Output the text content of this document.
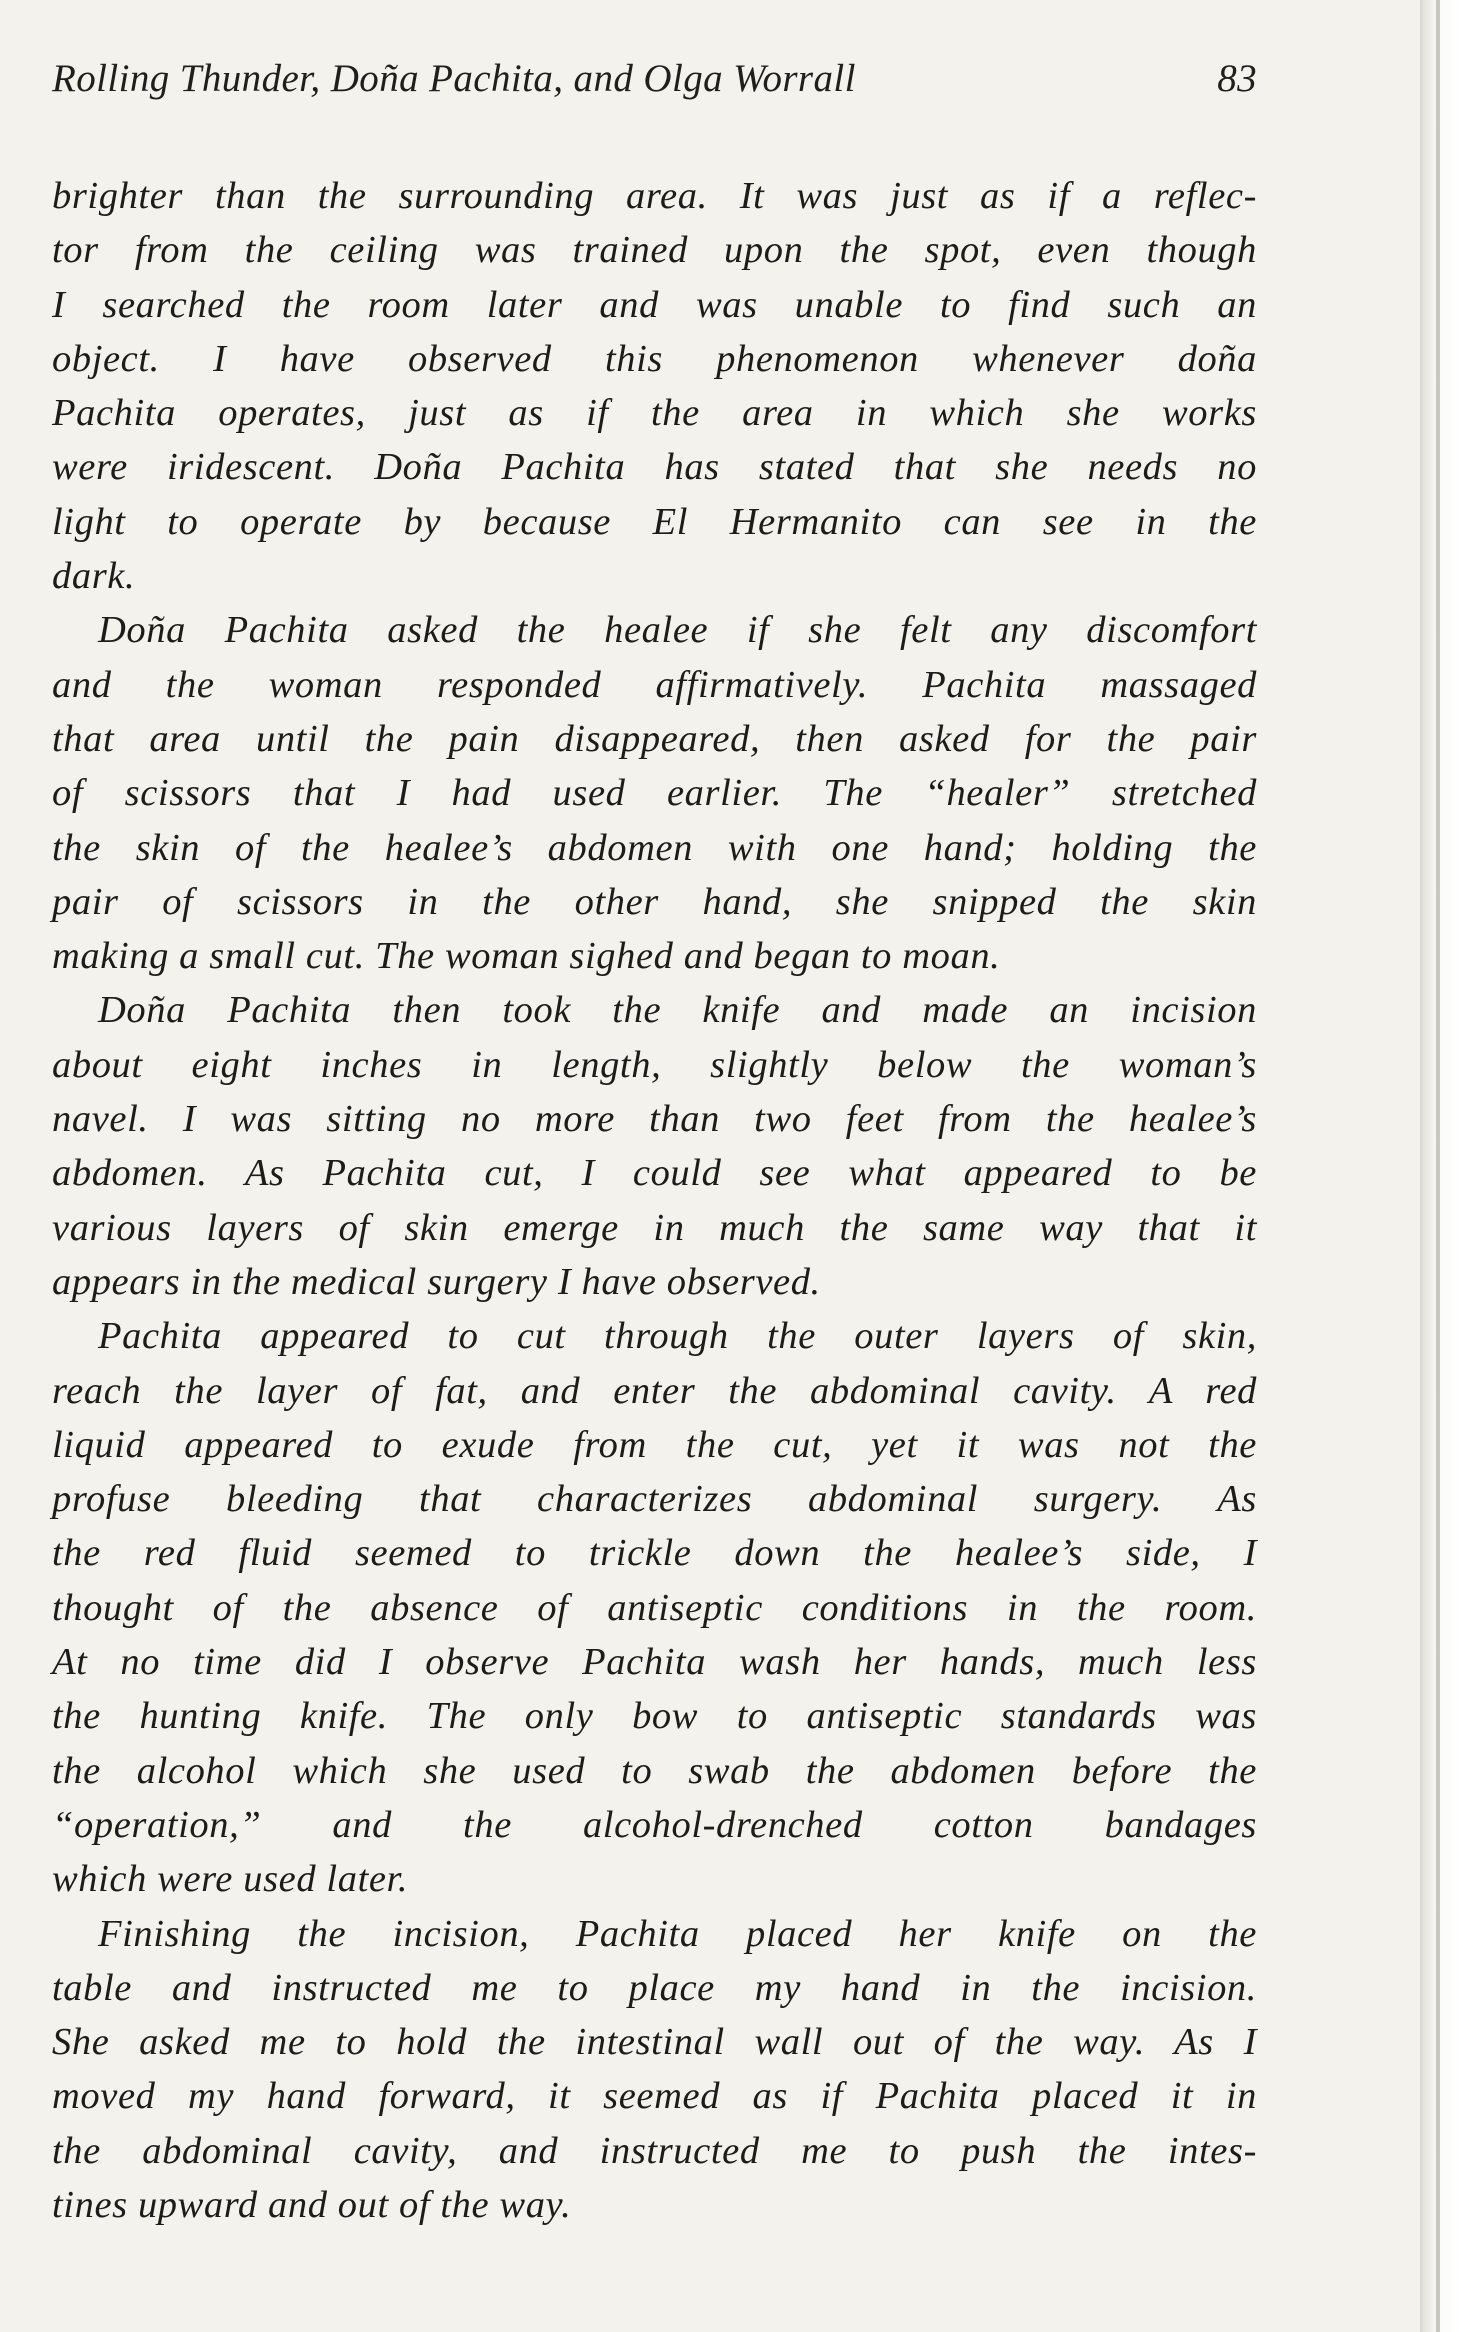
Rolling Thunder, Doña Pachita, and Olga Worrall	83
brighter than the surrounding area. It was just as if a reflec-
tor from the ceiling was trained upon the spot, even though
I searched the room later and was unable to find such an
object. I have observed this phenomenon whenever doña
Pachita operates, just as if the area in which she works
were iridescent. Doña Pachita has stated that she needs no
light to operate by because El Hermanito can see in the
dark.
Doña Pachita asked the healee if she felt any discomfort
and the woman responded affirmatively. Pachita massaged
that area until the pain disappeared, then asked for the pair
of scissors that I had used earlier. The “healer” stretched
the skin of the healee’s abdomen with one hand; holding the
pair of scissors in the other hand, she snipped the skin
making a small cut. The woman sighed and began to moan.
Doña Pachita then took the knife and made an incision
about eight inches in length, slightly below the woman’s
navel. I was sitting no more than two feet from the healee’s
abdomen. As Pachita cut, I could see what appeared to be
various layers of skin emerge in much the same way that it
appears in the medical surgery I have observed.
Pachita appeared to cut through the outer layers of skin,
reach the layer of fat, and enter the abdominal cavity. A red
liquid appeared to exude from the cut, yet it was not the
profuse bleeding that characterizes abdominal surgery. As
the red fluid seemed to trickle down the healee’s side, I
thought of the absence of antiseptic conditions in the room.
At no time did I observe Pachita wash her hands, much less
the hunting knife. The only bow to antiseptic standards was
the alcohol which she used to swab the abdomen before the
“operation,” and the alcohol-drenched cotton bandages
which were used later.
Finishing the incision, Pachita placed her knife on the
table and instructed me to place my hand in the incision.
She asked me to hold the intestinal wall out of the way. As I
moved my hand forward, it seemed as if Pachita placed it in
the abdominal cavity, and instructed me to push the intes-
tines upward and out of the way.
